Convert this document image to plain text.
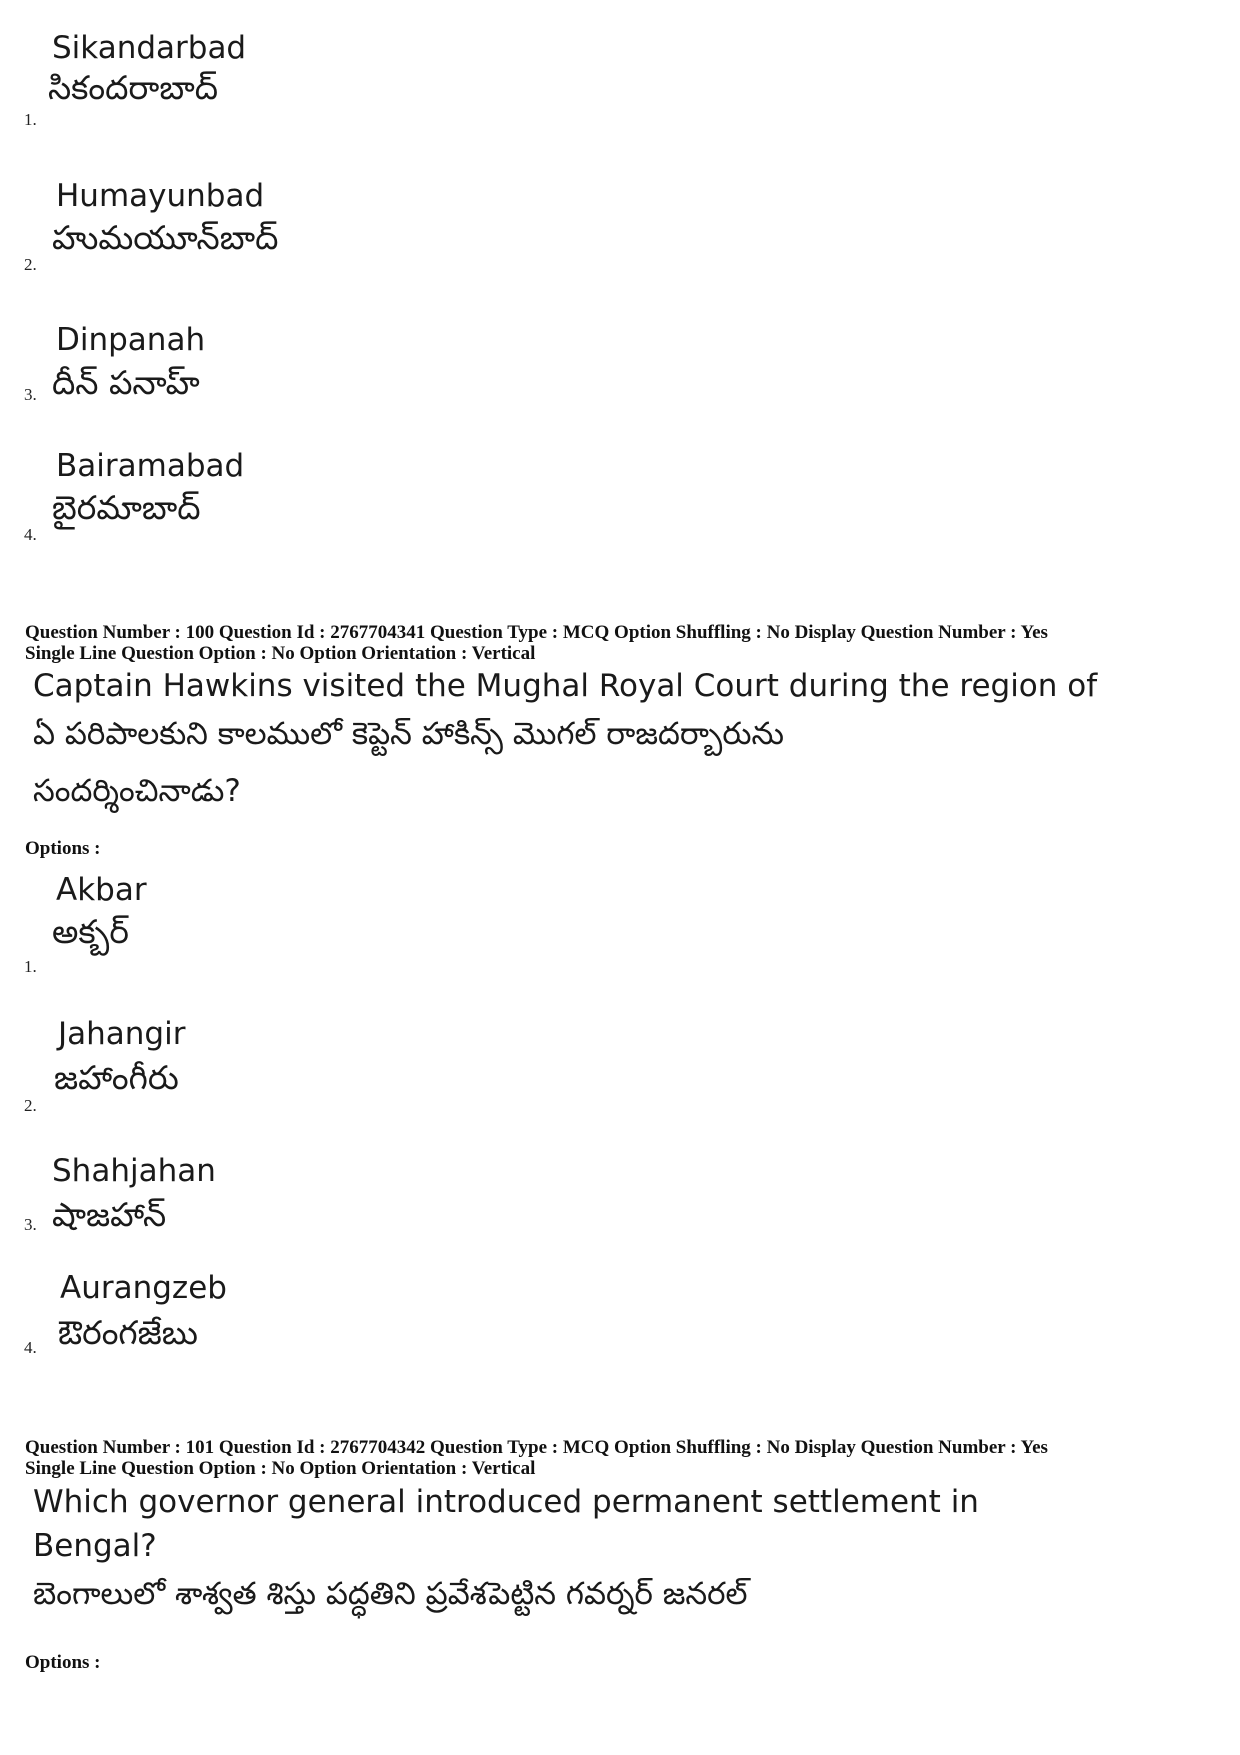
Sikandarbad
సికందరాబాద్
1.
Humayunbad
హుమయూన్‌బాద్
2.
Dinpanah
3. దీన్ పనాహ్
Bairamabad
బైరమాబాద్
4.
Question Number : 100 Question Id : 2767704341 Question Type : MCQ Option Shuffling : No Display Question Number : Yes
Single Line Question Option : No Option Orientation : Vertical
Captain Hawkins visited the Mughal Royal Court during the region of
ఏ పరిపాలకుని కాలములో కెప్టెన్ హాకిన్స్ మొగల్ రాజదర్బారును
సందర్శించినాడు?
Options :
Akbar
అక్బర్
1.
Jahangir
జహాంగీరు
2.
Shahjahan
3. షాజహాన్
Aurangzeb
4. ఔరంగజేబు
Question Number : 101 Question Id : 2767704342 Question Type : MCQ Option Shuffling : No Display Question Number : Yes
Single Line Question Option : No Option Orientation : Vertical
Which governor general introduced permanent settlement in
Bengal?
బెంగాలులో శాశ్వత శిస్తు పద్ధతిని ప్రవేశపెట్టిన గవర్నర్ జనరల్
Options :
